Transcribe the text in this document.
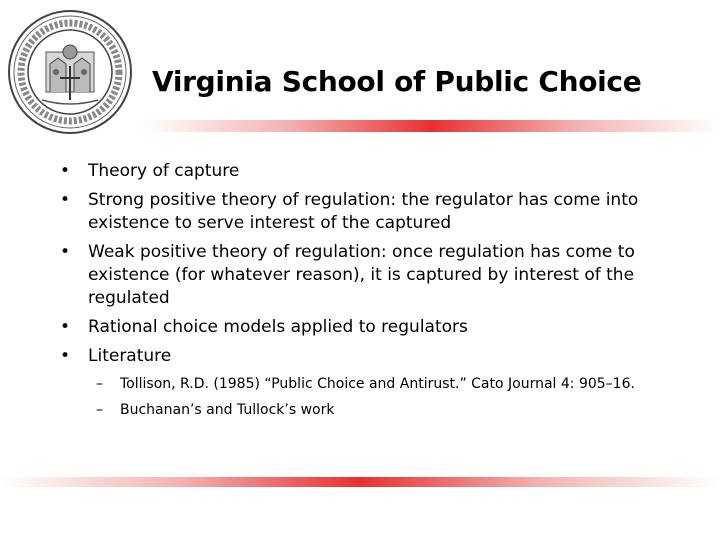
Virginia School of Public Choice
•	Theory of capture
•	Strong positive theory of regulation: the regulator has come into existence to serve interest of the captured
•	Weak positive theory of regulation: once regulation has come to existence (for whatever reason), it is captured by interest of the regulated
•	Rational choice models applied to regulators
•	Literature
– Tollison, R.D. (1985) “Public Choice and Antirust.” Cato Journal 4: 905–16.
– Buchanan’s and Tullock’s work
